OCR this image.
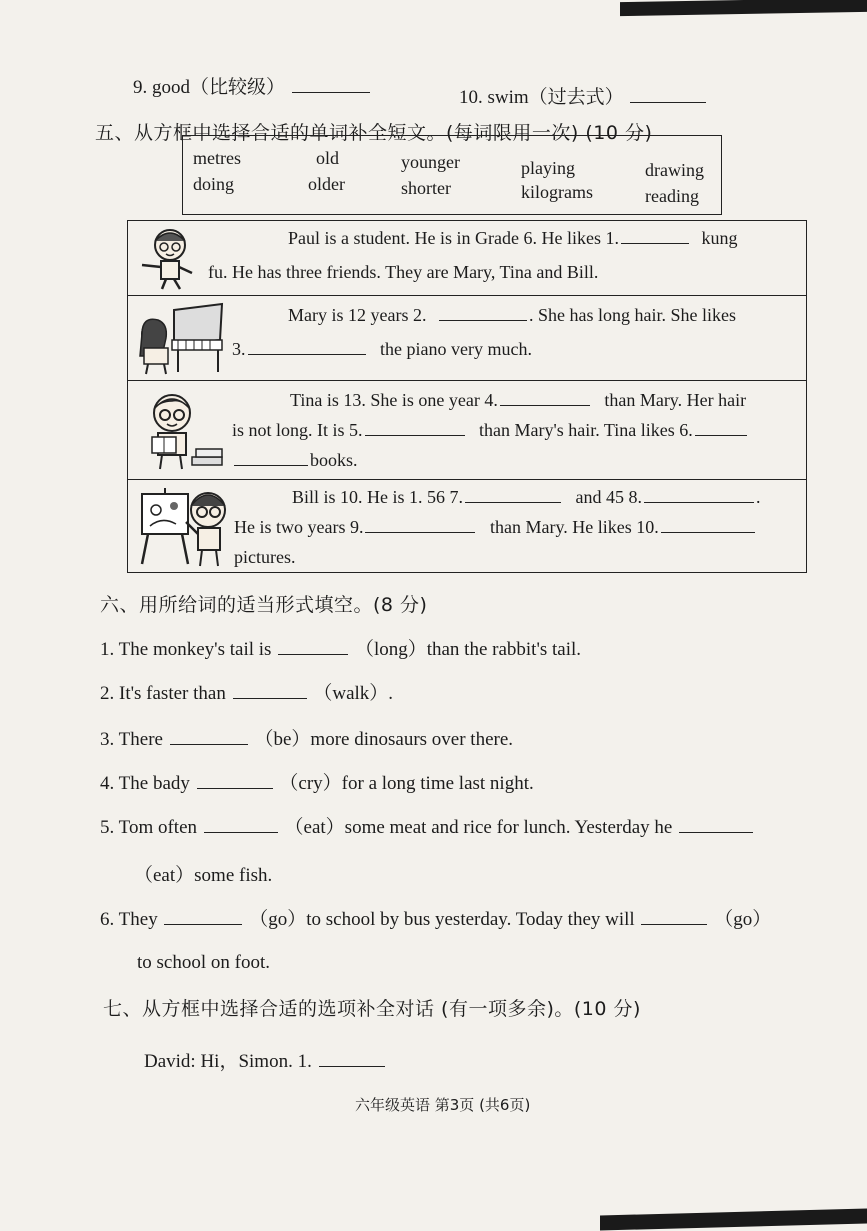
9. good（比较级）	10. swim（过去式）
五、从方框中选择合适的单词补全短文。(每词限用一次) (10 分)
metres	old	younger	playing	drawing
doing	older	shorter	kilograms	reading
Paul is a student. He is in Grade 6. He likes 1.	kung
fu. He has three friends. They are Mary, Tina and Bill.
Mary is 12 years 2.	. She has long hair. She likes
3.	the piano very much.
Tina is 13. She is one year 4.	than Mary. Her hair
is not long. It is 5.	than Mary's hair. Tina likes 6.
books.
Bill is 10. He is 1. 56 7.	and 45 8.	.
He is two years 9.	than Mary. He likes 10.
pictures.
六、用所给词的适当形式填空。(8 分)
1. The monkey's tail is	（long）than the rabbit's tail.
2. It's faster than	（walk）.
3. There	（be）more dinosaurs over there.
4. The bady	（cry）for a long time last night.
5. Tom often	（eat）some meat and rice for lunch. Yesterday he
（eat）some fish.
6. They	（go）to school by bus yesterday. Today they will	（go）
to school on foot.
七、从方框中选择合适的选项补全对话 (有一项多余)。(10 分)
David: Hi，Simon. 1.
六年级英语 第3页 (共6页)
